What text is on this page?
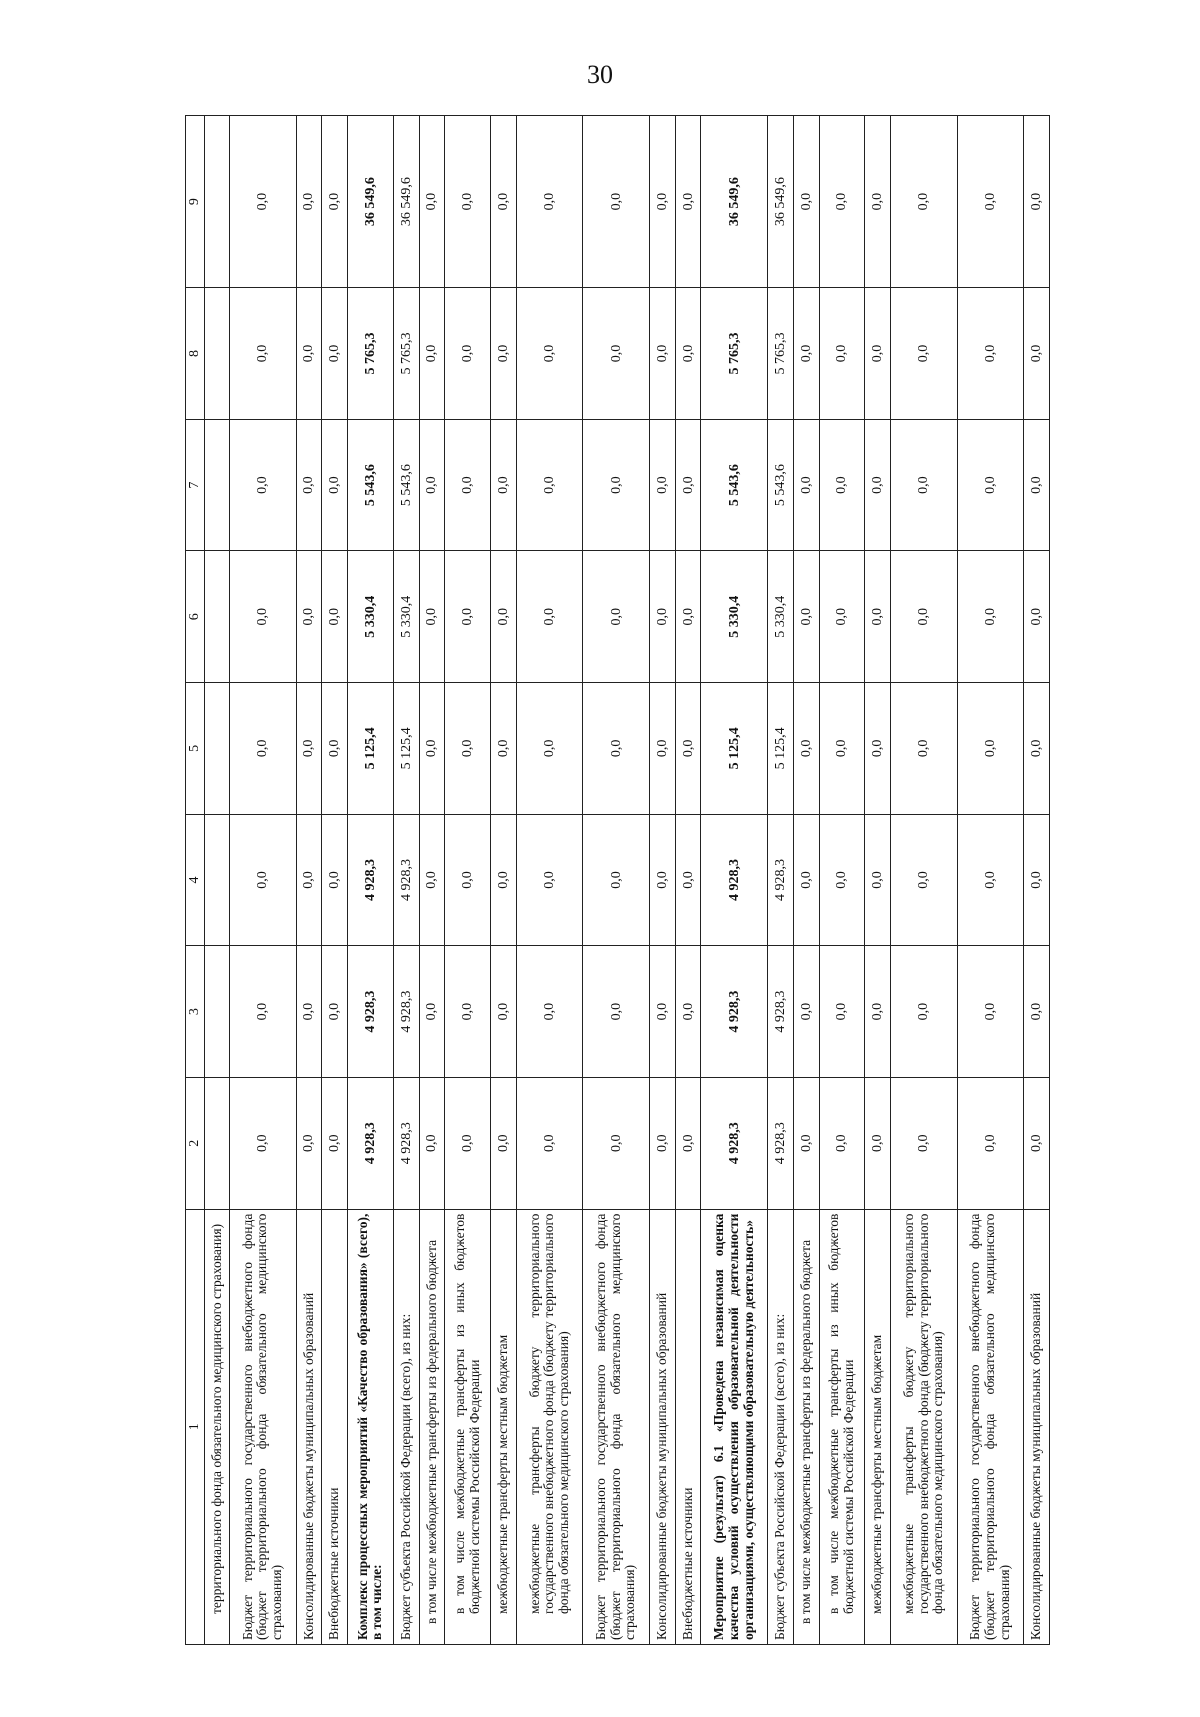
30
1	2	3	4	5	6	7	8	9
территориального фонда обязательного медицинского страхования)								
Бюджет территориального государственного внебюджетного фонда (бюджет территориального фонда обязательного медицинского страхования)	0,0	0,0	0,0	0,0	0,0	0,0	0,0	0,0
Консолидированные бюджеты муниципальных образований	0,0	0,0	0,0	0,0	0,0	0,0	0,0	0,0
Внебюджетные источники	0,0	0,0	0,0	0,0	0,0	0,0	0,0	0,0
Комплекс процессных мероприятий «Качество образования» (всего), в том числе:	4 928,3	4 928,3	4 928,3	5 125,4	5 330,4	5 543,6	5 765,3	36 549,6
Бюджет субъекта Российской Федерации (всего), из них:	4 928,3	4 928,3	4 928,3	5 125,4	5 330,4	5 543,6	5 765,3	36 549,6
в том числе межбюджетные трансферты из федерального бюджета	0,0	0,0	0,0	0,0	0,0	0,0	0,0	0,0
в том числе межбюджетные трансферты из иных бюджетов бюджетной системы Российской Федерации	0,0	0,0	0,0	0,0	0,0	0,0	0,0	0,0
межбюджетные трансферты местным бюджетам	0,0	0,0	0,0	0,0	0,0	0,0	0,0	0,0
межбюджетные трансферты бюджету территориального государственного внебюджетного фонда (бюджету территориального фонда обязательного медицинского страхования)	0,0	0,0	0,0	0,0	0,0	0,0	0,0	0,0
Бюджет территориального государственного внебюджетного фонда (бюджет территориального фонда обязательного медицинского страхования)	0,0	0,0	0,0	0,0	0,0	0,0	0,0	0,0
Консолидированные бюджеты муниципальных образований	0,0	0,0	0,0	0,0	0,0	0,0	0,0	0,0
Внебюджетные источники	0,0	0,0	0,0	0,0	0,0	0,0	0,0	0,0
Мероприятие (результат) 6.1 «Проведена независимая оценка качества условий осуществления образовательной деятельности организациями, осуществляющими образовательную деятельность»	4 928,3	4 928,3	4 928,3	5 125,4	5 330,4	5 543,6	5 765,3	36 549,6
Бюджет субъекта Российской Федерации (всего), из них:	4 928,3	4 928,3	4 928,3	5 125,4	5 330,4	5 543,6	5 765,3	36 549,6
в том числе межбюджетные трансферты из федерального бюджета	0,0	0,0	0,0	0,0	0,0	0,0	0,0	0,0
в том числе межбюджетные трансферты из иных бюджетов бюджетной системы Российской Федерации	0,0	0,0	0,0	0,0	0,0	0,0	0,0	0,0
межбюджетные трансферты местным бюджетам	0,0	0,0	0,0	0,0	0,0	0,0	0,0	0,0
межбюджетные трансферты бюджету территориального государственного внебюджетного фонда (бюджету территориального фонда обязательного медицинского страхования)	0,0	0,0	0,0	0,0	0,0	0,0	0,0	0,0
Бюджет территориального государственного внебюджетного фонда (бюджет территориального фонда обязательного медицинского страхования)	0,0	0,0	0,0	0,0	0,0	0,0	0,0	0,0
Консолидированные бюджеты муниципальных образований	0,0	0,0	0,0	0,0	0,0	0,0	0,0	0,0
